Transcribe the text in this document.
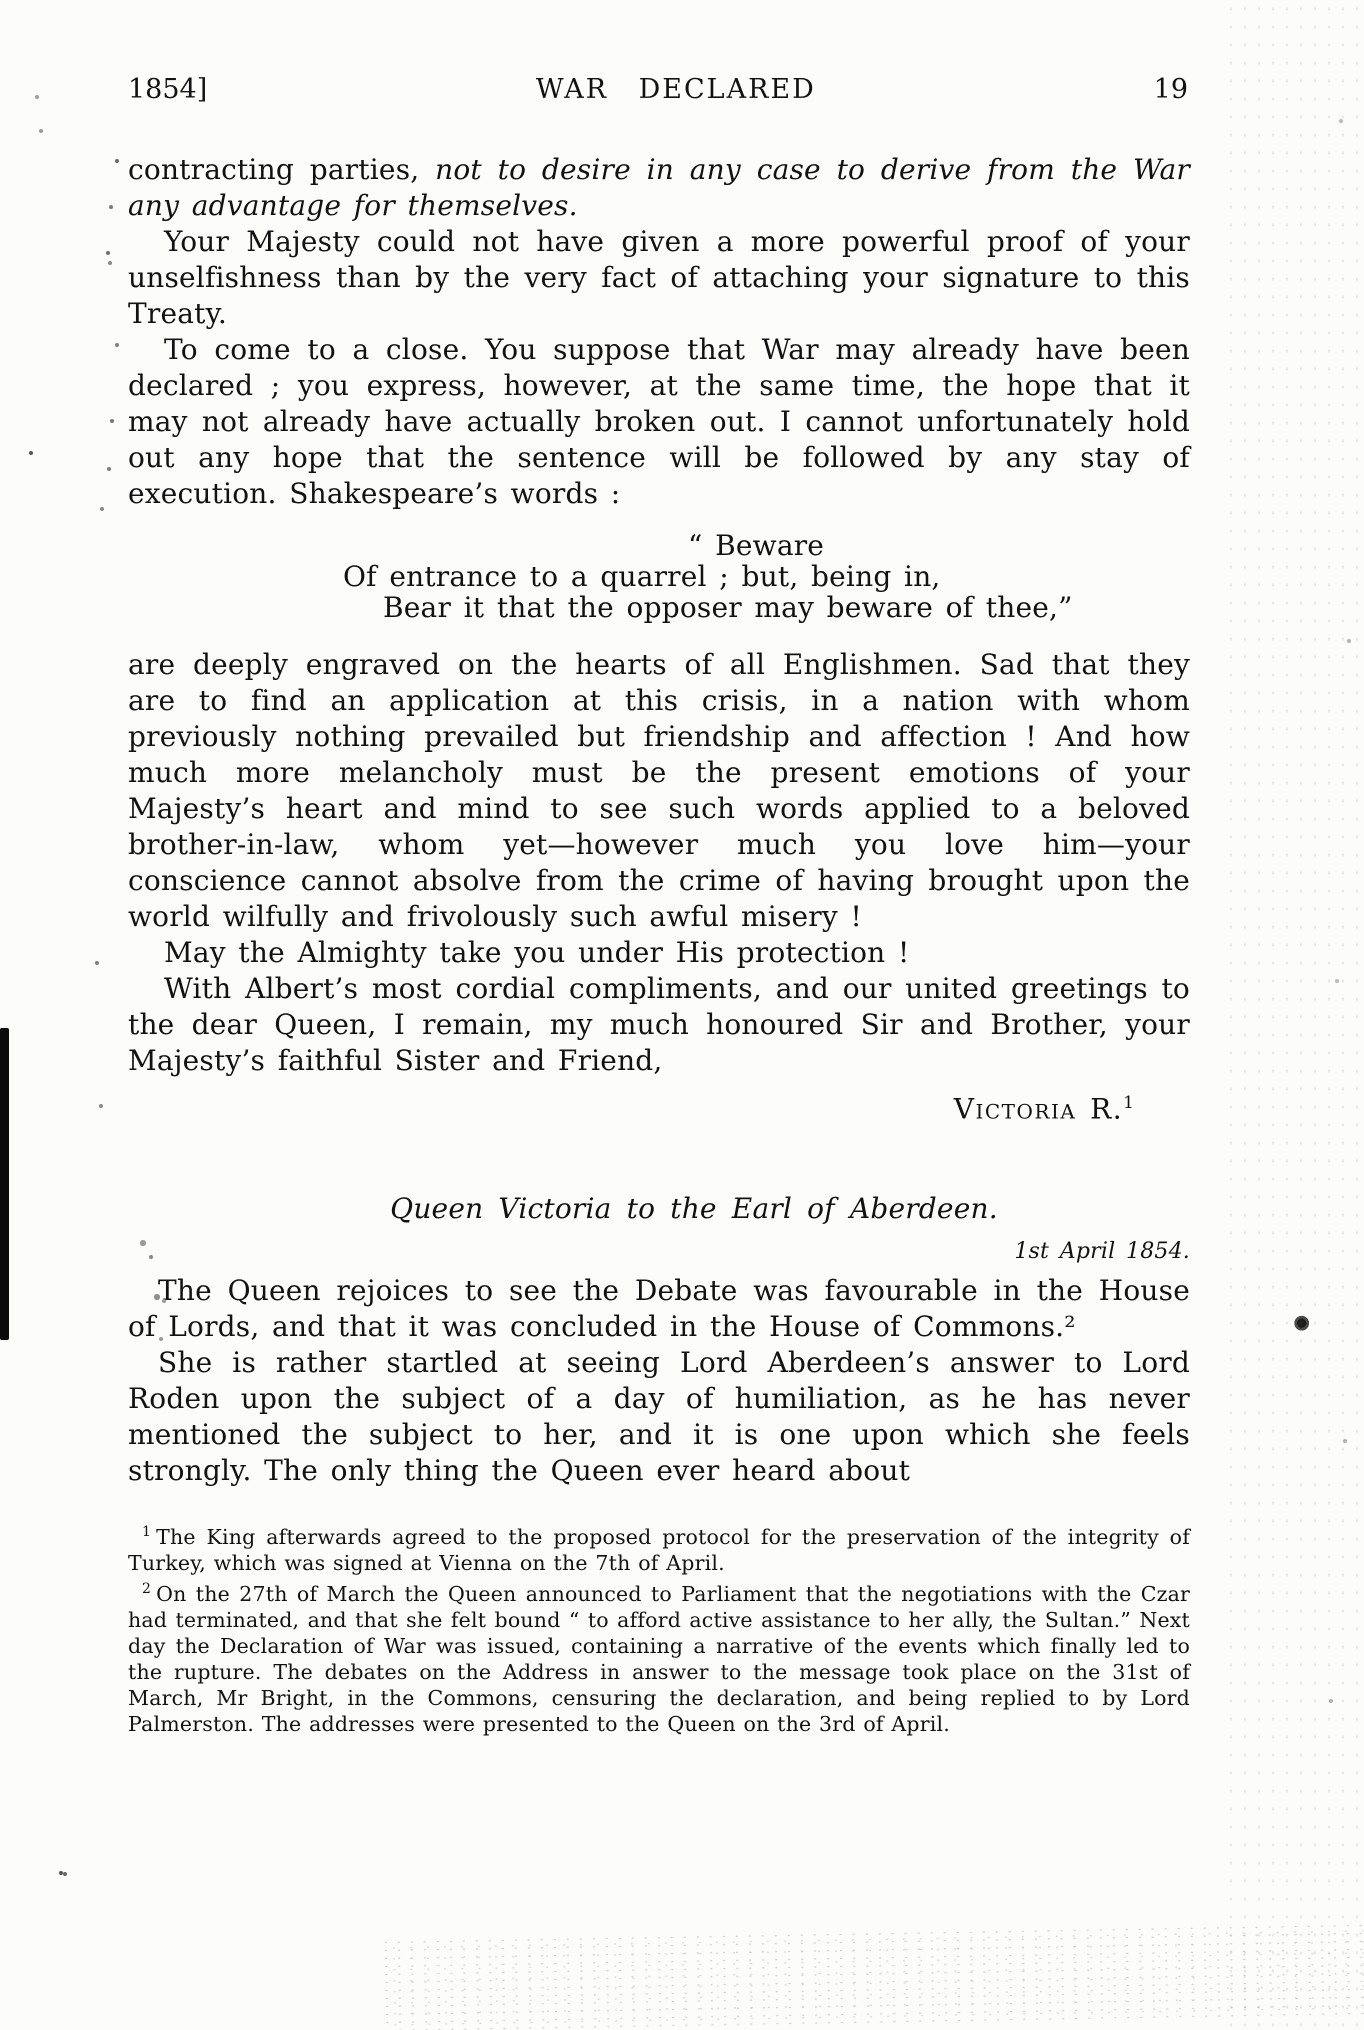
1854]	WAR DECLARED	19

contracting parties, not to desire in any case to derive from the War any advantage for themselves.

Your Majesty could not have given a more powerful proof of your unselfishness than by the very fact of attaching your signature to this Treaty.

To come to a close. You suppose that War may already have been declared ; you express, however, at the same time, the hope that it may not already have actually broken out. I cannot unfortunately hold out any hope that the sentence will be followed by any stay of execution. Shakespeare’s words :

“ Beware
Of entrance to a quarrel ; but, being in,
Bear it that the opposer may beware of thee,”

are deeply engraved on the hearts of all Englishmen. Sad that they are to find an application at this crisis, in a nation with whom previously nothing prevailed but friendship and affection ! And how much more melancholy must be the present emotions of your Majesty’s heart and mind to see such words applied to a beloved brother-in-law, whom yet—however much you love him—your conscience cannot absolve from the crime of having brought upon the world wilfully and frivolously such awful misery !

May the Almighty take you under His protection !

With Albert’s most cordial compliments, and our united greetings to the dear Queen, I remain, my much honoured Sir and Brother, your Majesty’s faithful Sister and Friend,

Victoria R.$^1$
Queen Victoria to the Earl of Aberdeen.
1st April 1854.

The Queen rejoices to see the Debate was favourable in the House of Lords, and that it was concluded in the House of Commons.²

She is rather startled at seeing Lord Aberdeen’s answer to Lord Roden upon the subject of a day of humiliation, as he has never mentioned the subject to her, and it is one upon which she feels strongly. The only thing the Queen ever heard about

$^1$ The King afterwards agreed to the proposed protocol for the preservation of the integrity of Turkey, which was signed at Vienna on the 7th of April.

$^2$ On the 27th of March the Queen announced to Parliament that the negotiations with the Czar had terminated, and that she felt bound “ to afford active assistance to her ally, the Sultan.” Next day the Declaration of War was issued, containing a narrative of the events which finally led to the rupture. The debates on the Address in answer to the message took place on the 31st of March, Mr Bright, in the Commons, censuring the declaration, and being replied to by Lord Palmerston. The addresses were presented to the Queen on the 3rd of April.
